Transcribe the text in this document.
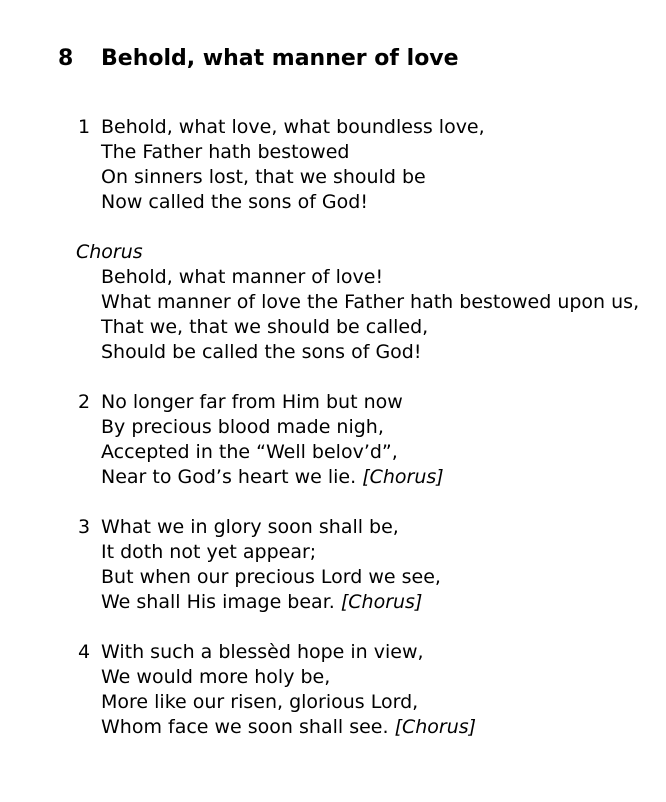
8 Behold, what manner of love
1 Behold, what love, what boundless love,
The Father hath bestowed
On sinners lost, that we should be
Now called the sons of God!
Chorus
Behold, what manner of love!
What manner of love the Father hath bestowed upon us,
That we, that we should be called,
Should be called the sons of God!
2 No longer far from Him but now
By precious blood made nigh,
Accepted in the “Well belov’d”,
Near to God’s heart we lie. [Chorus]
3 What we in glory soon shall be,
It doth not yet appear;
But when our precious Lord we see,
We shall His image bear. [Chorus]
4 With such a blessèd hope in view,
We would more holy be,
More like our risen, glorious Lord,
Whom face we soon shall see. [Chorus]
